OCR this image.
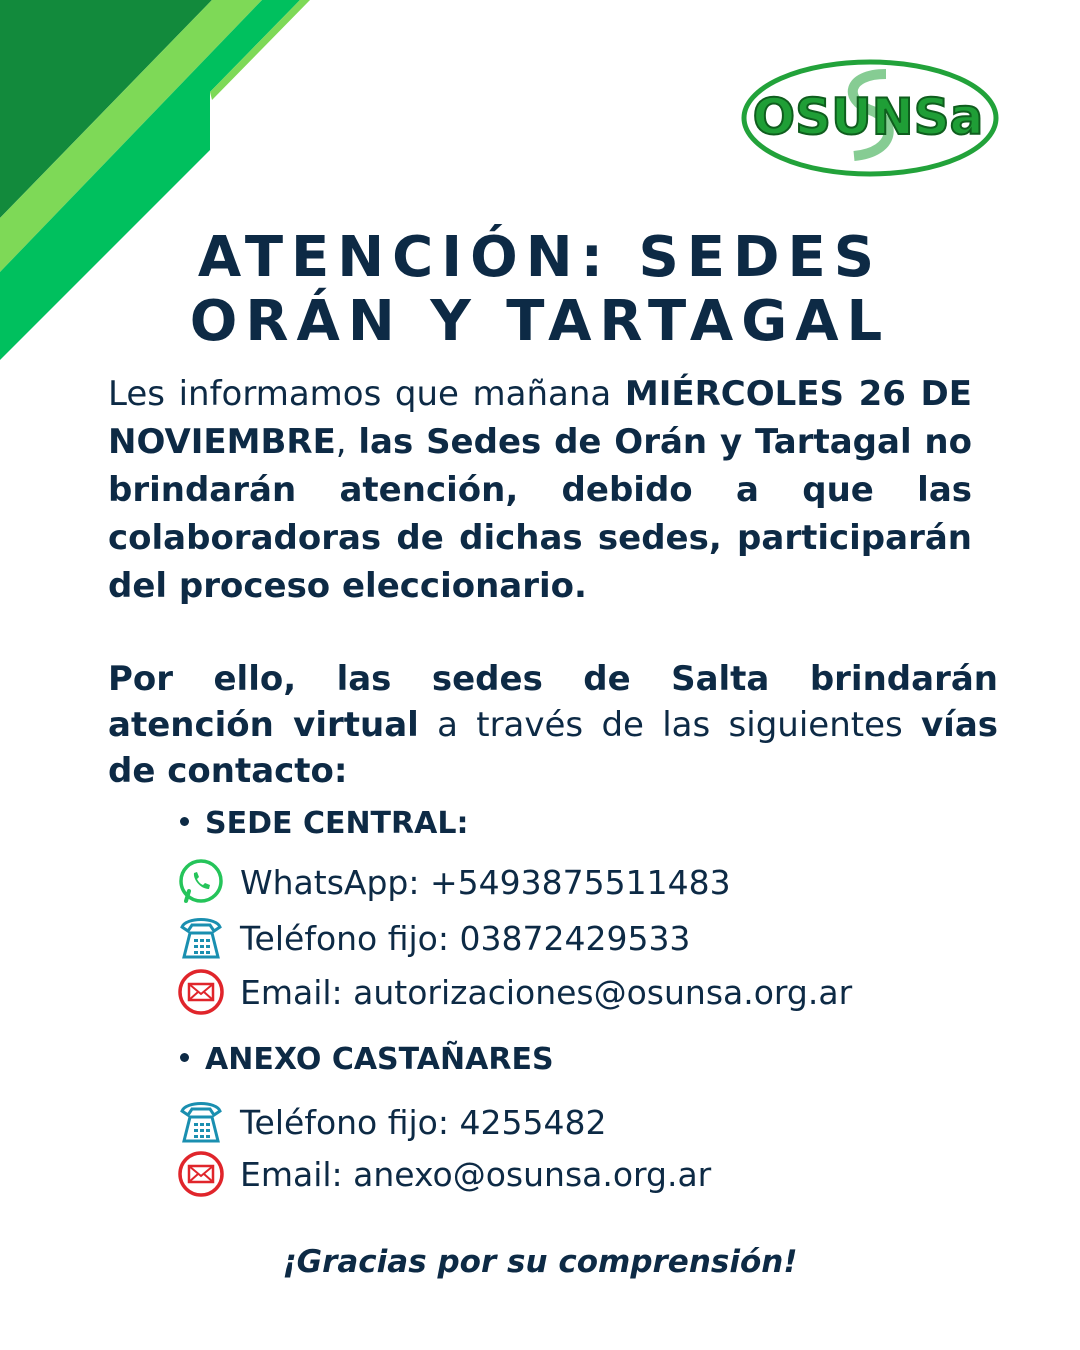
OSUNSa
ATENCIÓN: SEDES
ORÁN Y TARTAGAL

Les informamos que mañana MIÉRCOLES 26 DE NOVIEMBRE, las Sedes de Orán y Tartagal no brindarán atención, debido a que las colaboradoras de dichas sedes, participarán del proceso eleccionario.

Por ello, las sedes de Salta brindarán atención virtual a través de las siguientes vías de contacto:

SEDE CENTRAL:
WhatsApp: +5493875511483
Teléfono fijo: 03872429533
Email: autorizaciones@osunsa.org.ar
ANEXO CASTAÑARES
Teléfono fijo: 4255482
Email: anexo@osunsa.org.ar

¡Gracias por su comprensión!
